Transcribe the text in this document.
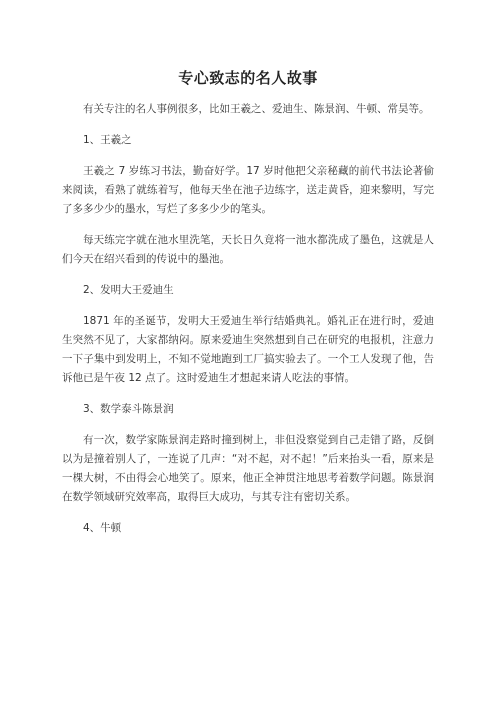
专心致志的名人故事

有关专注的名人事例很多，比如王羲之、爱迪生、陈景润、牛顿、常昊等。

1、王羲之

王羲之 7 岁练习书法，勤奋好学。17 岁时他把父亲秘藏的前代书法论著偷来阅读，看熟了就练着写，他每天坐在池子边练字，送走黄昏，迎来黎明，写完了多多少少的墨水，写烂了多多少少的笔头。

每天练完字就在池水里洗笔，天长日久竟将一池水都洗成了墨色，这就是人们今天在绍兴看到的传说中的墨池。

2、发明大王爱迪生

1871 年的圣诞节，发明大王爱迪生举行结婚典礼。婚礼正在进行时，爱迪生突然不见了，大家都纳闷。原来爱迪生突然想到自己在研究的电报机，注意力一下子集中到发明上，不知不觉地跑到工厂搞实验去了。一个工人发现了他，告诉他已是午夜 12 点了。这时爱迪生才想起来请人吃法的事情。

3、数学泰斗陈景润

有一次，数学家陈景润走路时撞到树上，非但没察觉到自己走错了路，反倒以为是撞着别人了，一连说了几声：“对不起，对不起！”后来抬头一看，原来是一棵大树，不由得会心地笑了。原来，他正全神贯注地思考着数学问题。陈景润在数学领域研究效率高，取得巨大成功，与其专注有密切关系。

4、牛顿
